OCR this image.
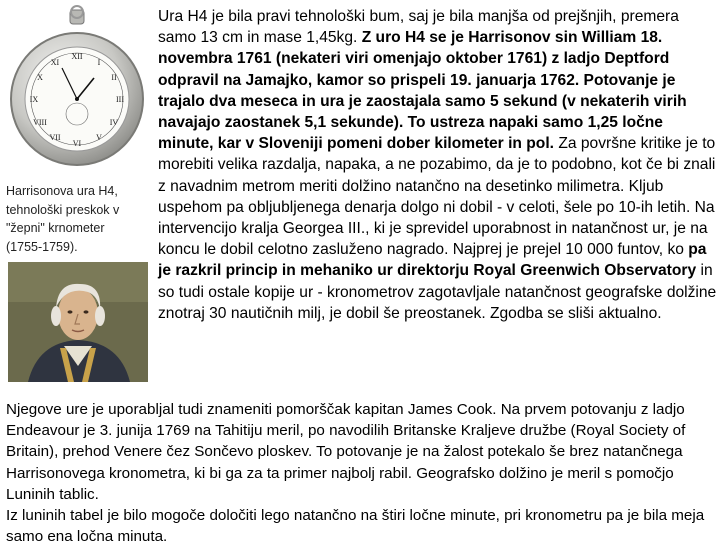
XII
VI
III
IX
I
II
IV
V
VII
VIII
X
XI
Harrisonova ura H4,
tehnološki preskok v
"žepni" krnometer
(1755-1759).
Ura H4 je bila pravi tehnološki bum, saj je bila manjša od prejšnjih, premera samo 13 cm in mase 1,45kg. Z uro H4 se je Harrisonov sin William 18. novembra 1761 (nekateri viri omenjajo oktober 1761) z ladjo Deptford odpravil na Jamajko, kamor so prispeli 19. januarja 1762. Potovanje je trajalo dva meseca in ura je zaostajala samo 5 sekund (v nekaterih virih navajajo zaostanek 5,1 sekunde). To ustreza napaki samo 1,25 ločne minute, kar v Sloveniji pomeni dober kilometer in pol. Za površne kritike je to morebiti velika razdalja, napaka, a ne pozabimo, da je to podobno, kot če bi znali z navadnim metrom meriti dolžino natančno na desetinko milimetra. Kljub uspehom pa obljubljenega denarja dolgo ni dobil - v celoti, šele po 10-ih letih. Na intervencijo kralja Georgea III., ki je sprevidel uporabnost in natančnost ur, je na koncu le dobil celotno zasluženo nagrado. Najprej je prejel 10 000 funtov, ko pa je razkril princip in mehaniko ur direktorju Royal Greenwich Observatory in so tudi ostale kopije ur - kronometrov zagotavljale natančnost geografske dolžine znotraj 30 nautičnih milj, je dobil še preostanek. Zgodba se sliši aktualno.
Njegove ure je uporabljal tudi znameniti pomorščak kapitan James Cook. Na prvem potovanju z ladjo Endeavour je 3. junija 1769 na Tahitiju meril, po navodilih Britanske Kraljeve družbe (Royal Society of Britain), prehod Venere čez Sončevo ploskev. To potovanje je na žalost potekalo še brez natančnega Harrisonovega kronometra, ki bi ga za ta primer najbolj rabil. Geografsko dolžino je meril s pomočjo Luninih tablic.
Iz luninih tabel je bilo mogoče določiti lego natančno na štiri ločne minute, pri kronometru pa je bila meja samo ena ločna minuta.
